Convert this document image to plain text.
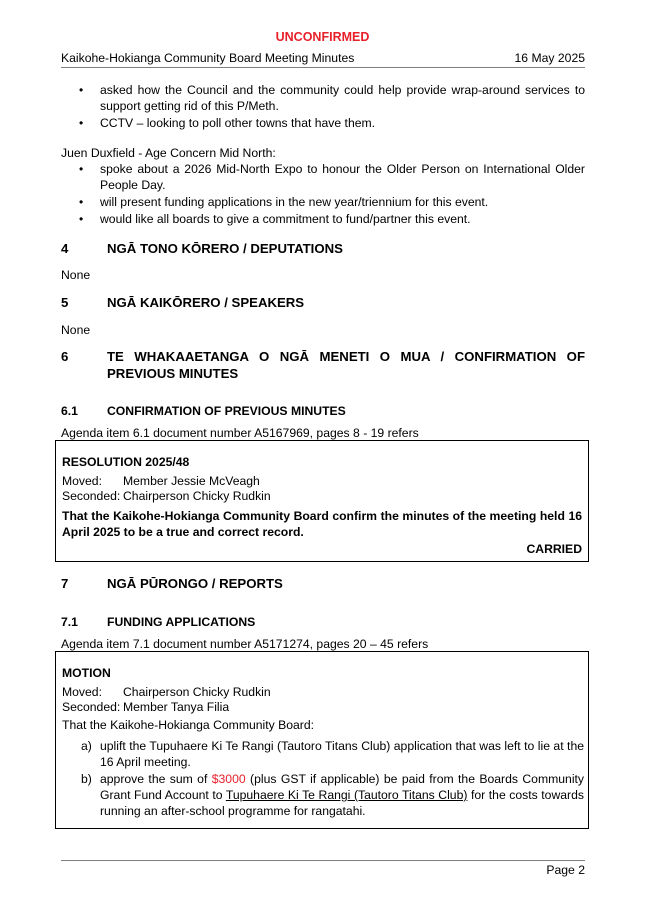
UNCONFIRMED
Kaikohe-Hokianga Community Board Meeting Minutes	16 May 2025
• asked how the Council and the community could help provide wrap-around services to support getting rid of this P/Meth.
• CCTV – looking to poll other towns that have them.
Juen Duxfield - Age Concern Mid North:
• spoke about a 2026 Mid-North Expo to honour the Older Person on International Older People Day.
• will present funding applications in the new year/triennium for this event.
• would like all boards to give a commitment to fund/partner this event.
4	NGĀ TONO KŌRERO / DEPUTATIONS
None
5	NGĀ KAIKŌRERO / SPEAKERS
None
6	TE WHAKAAETANGA O NGĀ MENETI O MUA / CONFIRMATION OF PREVIOUS MINUTES
6.1 CONFIRMATION OF PREVIOUS MINUTES
Agenda item 6.1 document number A5167969, pages 8 - 19 refers
RESOLUTION 2025/48
Moved: Member Jessie McVeagh
Seconded: Chairperson Chicky Rudkin
That the Kaikohe-Hokianga Community Board confirm the minutes of the meeting held 16 April 2025 to be a true and correct record.
CARRIED
7	NGĀ PŪRONGO / REPORTS
7.1 FUNDING APPLICATIONS
Agenda item 7.1 document number A5171274, pages 20 – 45 refers
MOTION
Moved: Chairperson Chicky Rudkin
Seconded: Member Tanya Filia
That the Kaikohe-Hokianga Community Board:
a) uplift the Tupuhaere Ki Te Rangi (Tautoro Titans Club) application that was left to lie at the 16 April meeting.
b) approve the sum of $3000 (plus GST if applicable) be paid from the Boards Community Grant Fund Account to Tupuhaere Ki Te Rangi (Tautoro Titans Club) for the costs towards running an after-school programme for rangatahi.
Page 2
